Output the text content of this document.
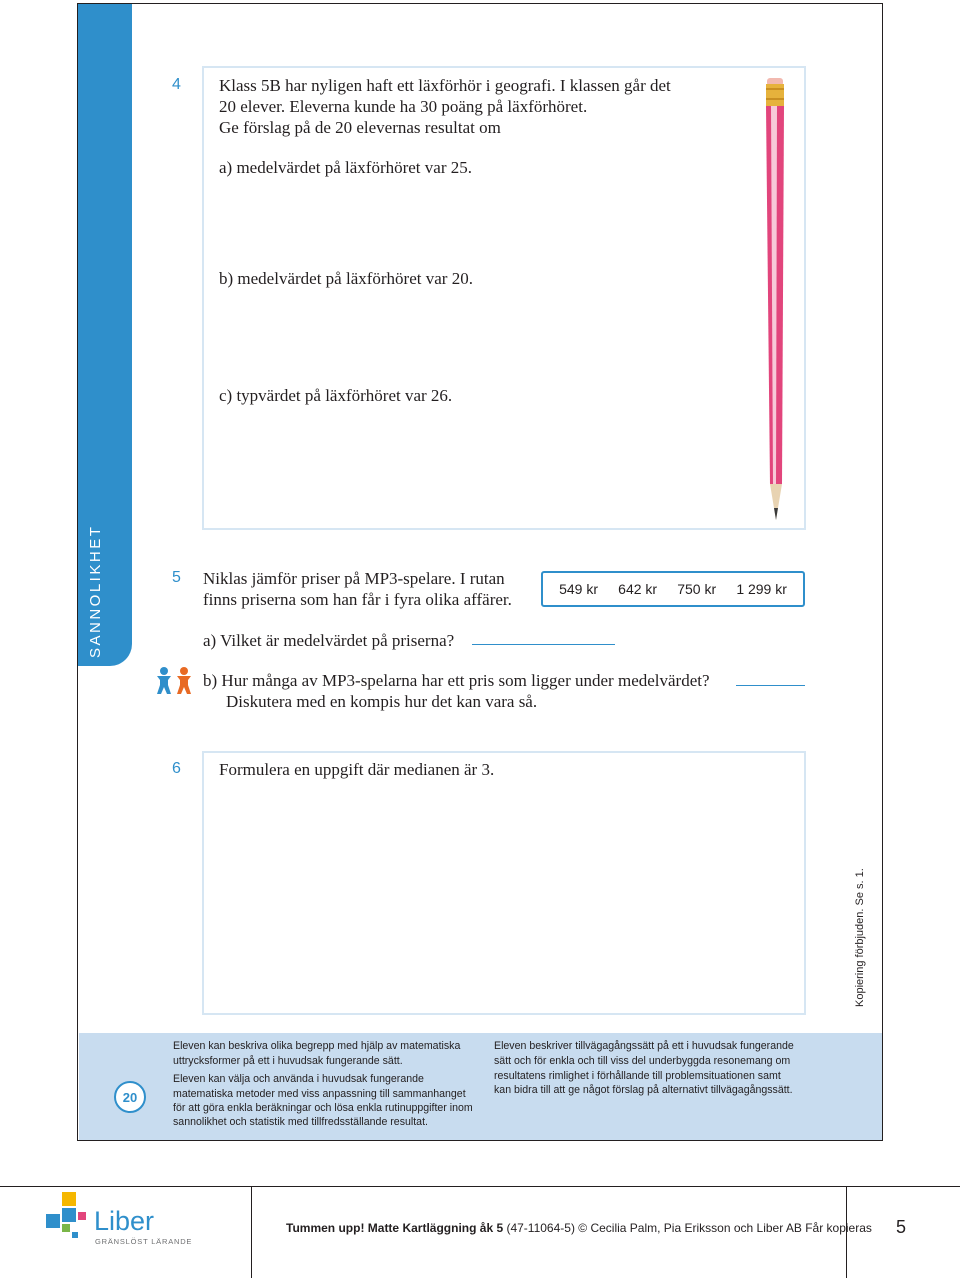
SANNOLIKHET
4 Klass 5B har nyligen haft ett läxförhör i geografi. I klassen går det
20 elever. Eleverna kunde ha 30 poäng på läxförhöret.
Ge förslag på de 20 elevernas resultat om
a) medelvärdet på läxförhöret var 25.
b) medelvärdet på läxförhöret var 20.
c) typvärdet på läxförhöret var 26.
5 Niklas jämför priser på MP3-spelare. I rutan
finns priserna som han får i fyra olika affärer.
549 kr 642 kr 750 kr 1 299 kr
a) Vilket är medelvärdet på priserna?
b) Hur många av MP3-spelarna har ett pris som ligger under medelvärdet?
Diskutera med en kompis hur det kan vara så.
6 Formulera en uppgift där medianen är 3.
Kopiering förbjuden. Se s. 1.
20
Eleven kan beskriva olika begrepp med hjälp av matematiska
uttrycksformer på ett i huvudsak fungerande sätt.
Eleven kan välja och använda i huvudsak fungerande
matematiska metoder med viss anpassning till sammanhanget
för att göra enkla beräkningar och lösa enkla rutinuppgifter inom
sannolikhet och statistik med tillfredsställande resultat.
Eleven beskriver tillvägagångssätt på ett i huvudsak fungerande
sätt och för enkla och till viss del underbyggda resonemang om
resultatens rimlighet i förhållande till problemsituationen samt
kan bidra till att ge något förslag på alternativt tillvägagångssätt.
Liber
GRÄNSLÖST LÄRANDE
Tummen upp! Matte Kartläggning åk 5 (47-11064-5) © Cecilia Palm, Pia Eriksson och Liber AB Får kopieras 5
